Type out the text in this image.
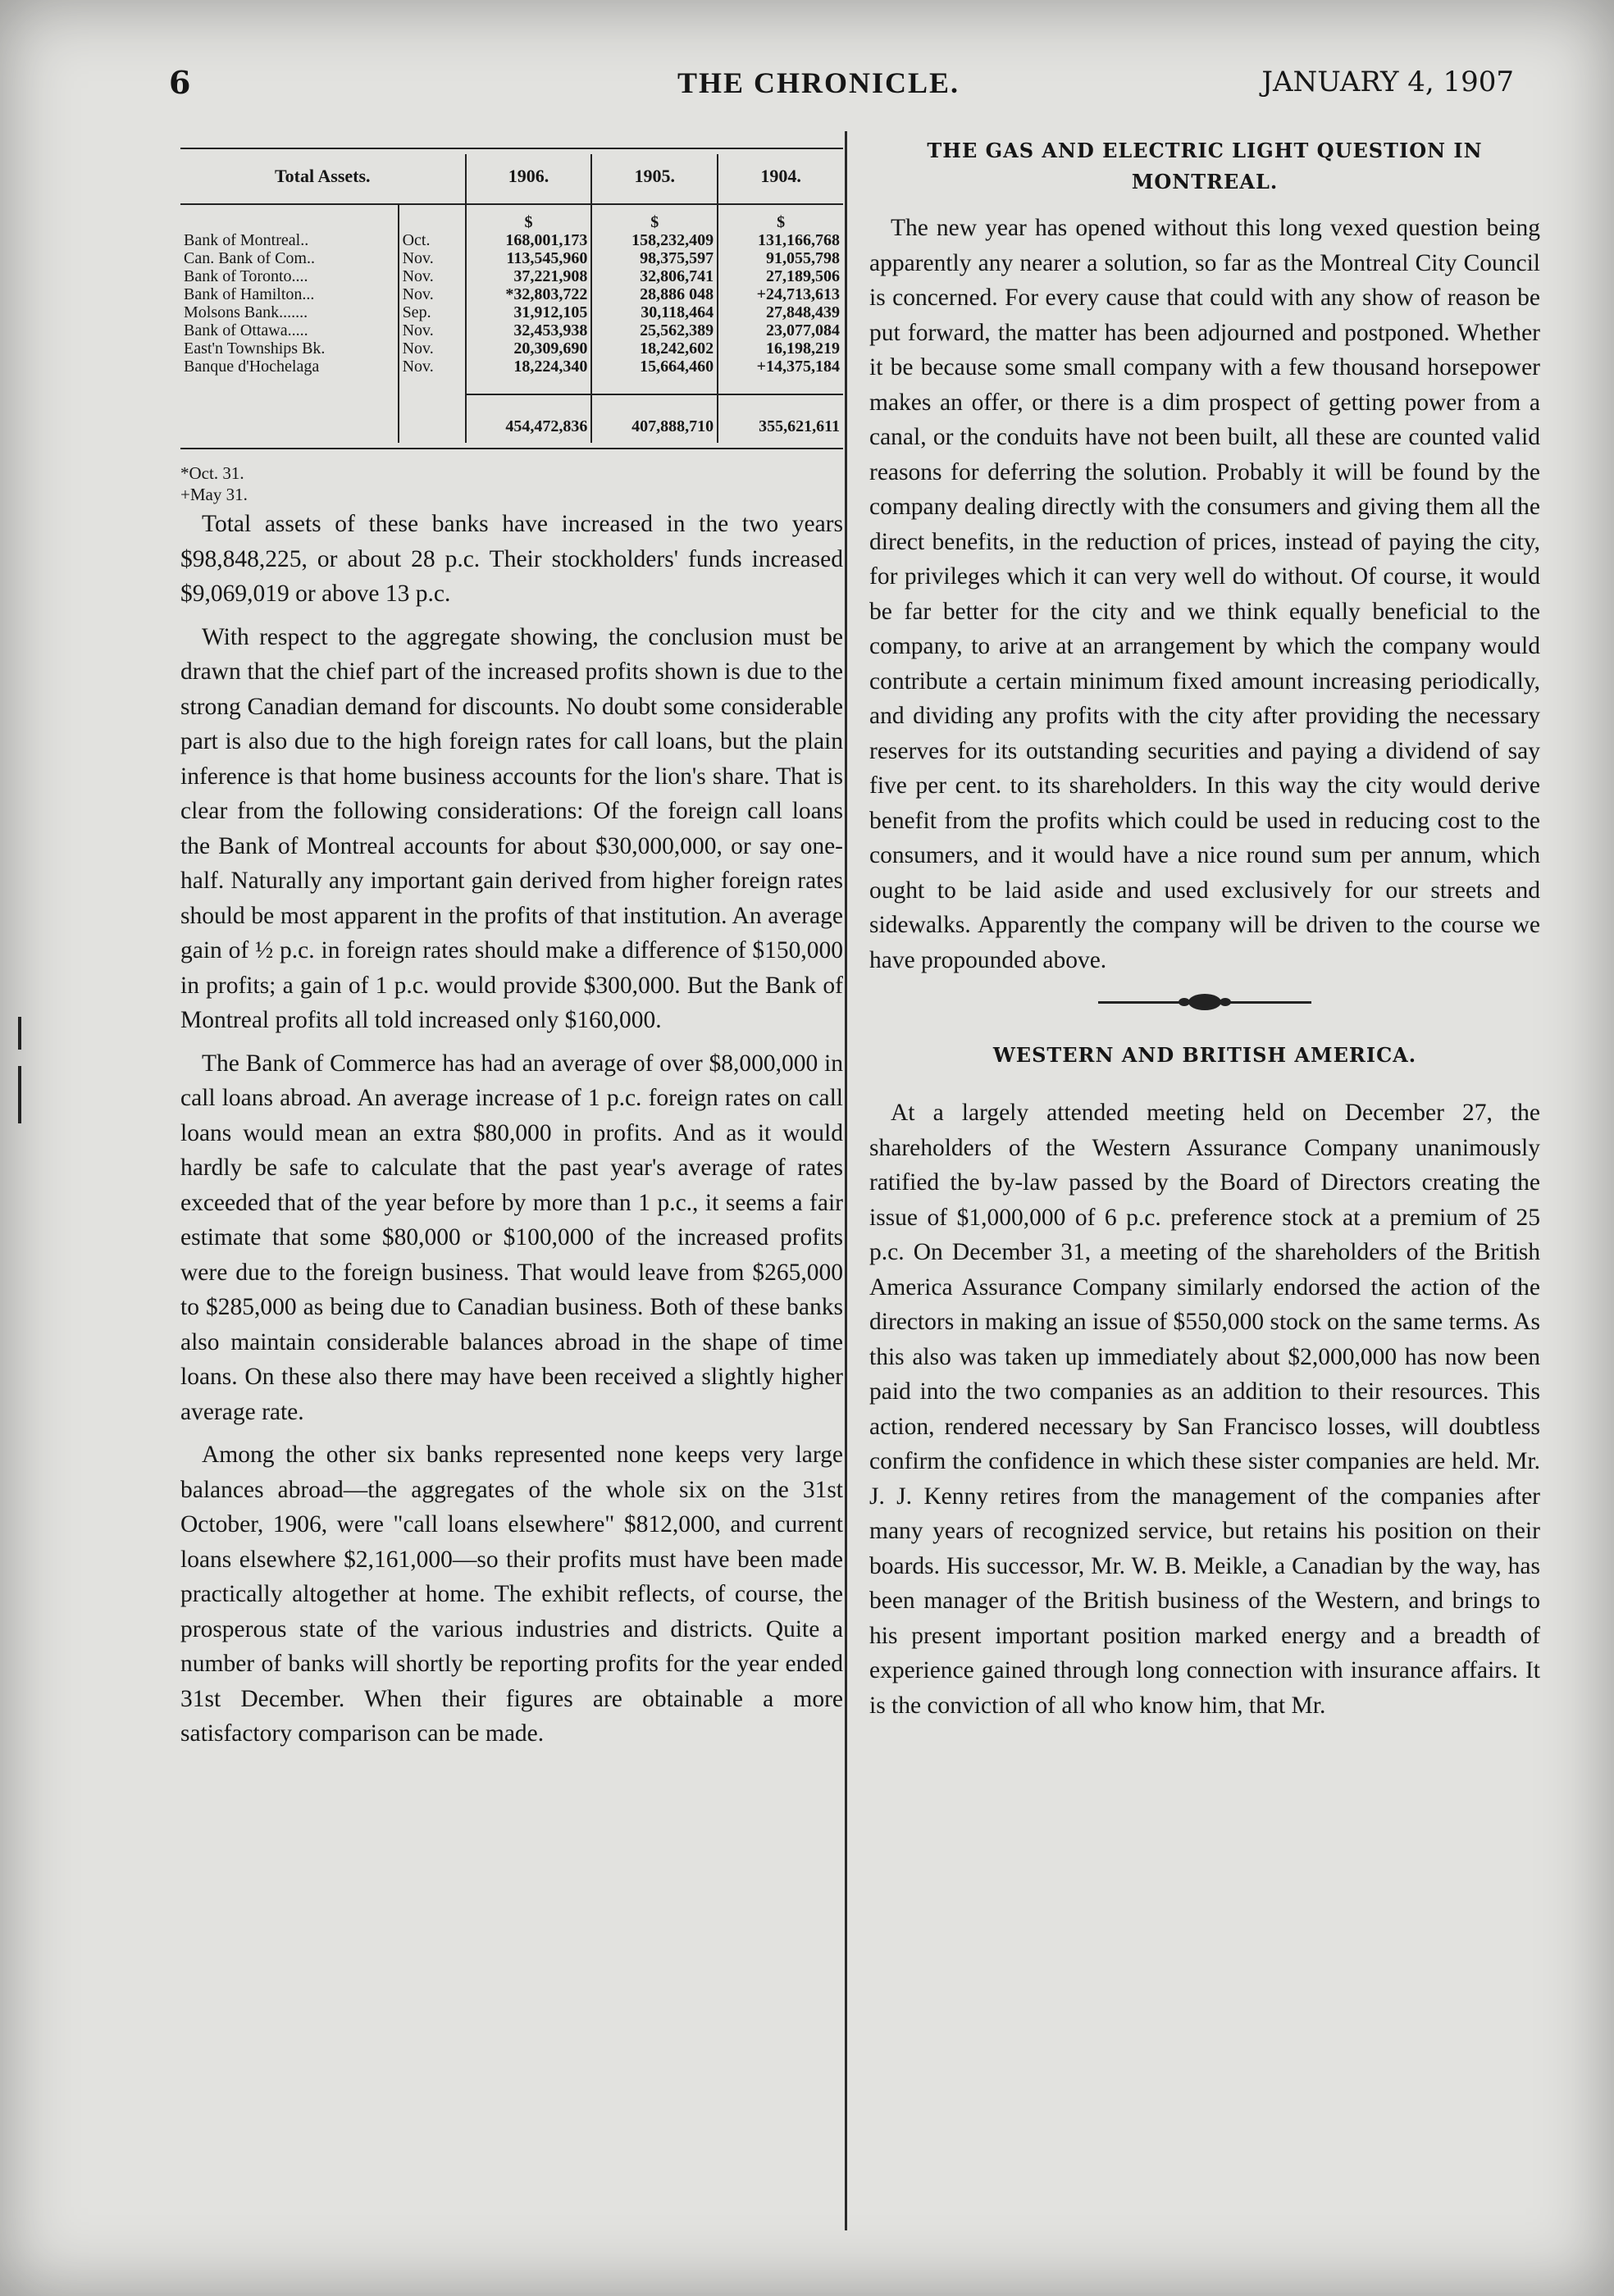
6	THE CHRONICLE.	JANUARY 4, 1907
Total Assets.		1906.	1905.	1904.
		$	$	$
Bank of Montreal..	Oct.	168,001,173	158,232,409	131,166,768
Can. Bank of Com..	Nov.	113,545,960	98,375,597	91,055,798
Bank of Toronto....	Nov.	37,221,908	32,806,741	27,189,506
Bank of Hamilton...	Nov.	*32,803,722	28,886 048	+24,713,613
Molsons Bank.......	Sep.	31,912,105	30,118,464	27,848,439
Bank of Ottawa.....	Nov.	32,453,938	25,562,389	23,077,084
East'n Townships Bk.	Nov.	20,309,690	18,242,602	16,198,219
Banque d'Hochelaga	Nov.	18,224,340	15,664,460	+14,375,184

		454,472,836	407,888,710	355,621,611
*Oct. 31.
+May 31.

Total assets of these banks have increased in the two years $98,848,225, or about 28 p.c. Their stockholders' funds increased $9,069,019 or above 13 p.c.

With respect to the aggregate showing, the conclusion must be drawn that the chief part of the increased profits shown is due to the strong Canadian demand for discounts. No doubt some considerable part is also due to the high foreign rates for call loans, but the plain inference is that home business accounts for the lion's share. That is clear from the following considerations: Of the foreign call loans the Bank of Montreal accounts for about $30,000,000, or say one-half. Naturally any important gain derived from higher foreign rates should be most apparent in the profits of that institution. An average gain of ½ p.c. in foreign rates should make a difference of $150,000 in profits; a gain of 1 p.c. would provide $300,000. But the Bank of Montreal profits all told increased only $160,000.

The Bank of Commerce has had an average of over $8,000,000 in call loans abroad. An average increase of 1 p.c. foreign rates on call loans would mean an extra $80,000 in profits. And as it would hardly be safe to calculate that the past year's average of rates exceeded that of the year before by more than 1 p.c., it seems a fair estimate that some $80,000 or $100,000 of the increased profits were due to the foreign business. That would leave from $265,000 to $285,000 as being due to Canadian business. Both of these banks also maintain considerable balances abroad in the shape of time loans. On these also there may have been received a slightly higher average rate.

Among the other six banks represented none keeps very large balances abroad—the aggregates of the whole six on the 31st October, 1906, were "call loans elsewhere" $812,000, and current loans elsewhere $2,161,000—so their profits must have been made practically altogether at home. The exhibit reflects, of course, the prosperous state of the various industries and districts. Quite a number of banks will shortly be reporting profits for the year ended 31st December. When their figures are obtainable a more satisfactory comparison can be made.

THE GAS AND ELECTRIC LIGHT QUESTION IN MONTREAL.

The new year has opened without this long vexed question being apparently any nearer a solution, so far as the Montreal City Council is concerned. For every cause that could with any show of reason be put forward, the matter has been adjourned and postponed. Whether it be because some small company with a few thousand horsepower makes an offer, or there is a dim prospect of getting power from a canal, or the conduits have not been built, all these are counted valid reasons for deferring the solution. Probably it will be found by the company dealing directly with the consumers and giving them all the direct benefits, in the reduction of prices, instead of paying the city, for privileges which it can very well do without. Of course, it would be far better for the city and we think equally beneficial to the company, to arive at an arrangement by which the company would contribute a certain minimum fixed amount increasing periodically, and dividing any profits with the city after providing the necessary reserves for its outstanding securities and paying a dividend of say five per cent. to its shareholders. In this way the city would derive benefit from the profits which could be used in reducing cost to the consumers, and it would have a nice round sum per annum, which ought to be laid aside and used exclusively for our streets and sidewalks. Apparently the company will be driven to the course we have propounded above.

WESTERN AND BRITISH AMERICA.

At a largely attended meeting held on December 27, the shareholders of the Western Assurance Company unanimously ratified the by-law passed by the Board of Directors creating the issue of $1,000,000 of 6 p.c. preference stock at a premium of 25 p.c. On December 31, a meeting of the shareholders of the British America Assurance Company similarly endorsed the action of the directors in making an issue of $550,000 stock on the same terms. As this also was taken up immediately about $2,000,000 has now been paid into the two companies as an addition to their resources. This action, rendered necessary by San Francisco losses, will doubtless confirm the confidence in which these sister companies are held. Mr. J. J. Kenny retires from the management of the companies after many years of recognized service, but retains his position on their boards. His successor, Mr. W. B. Meikle, a Canadian by the way, has been manager of the British business of the Western, and brings to his present important position marked energy and a breadth of experience gained through long connection with insurance affairs. It is the conviction of all who know him, that Mr.
